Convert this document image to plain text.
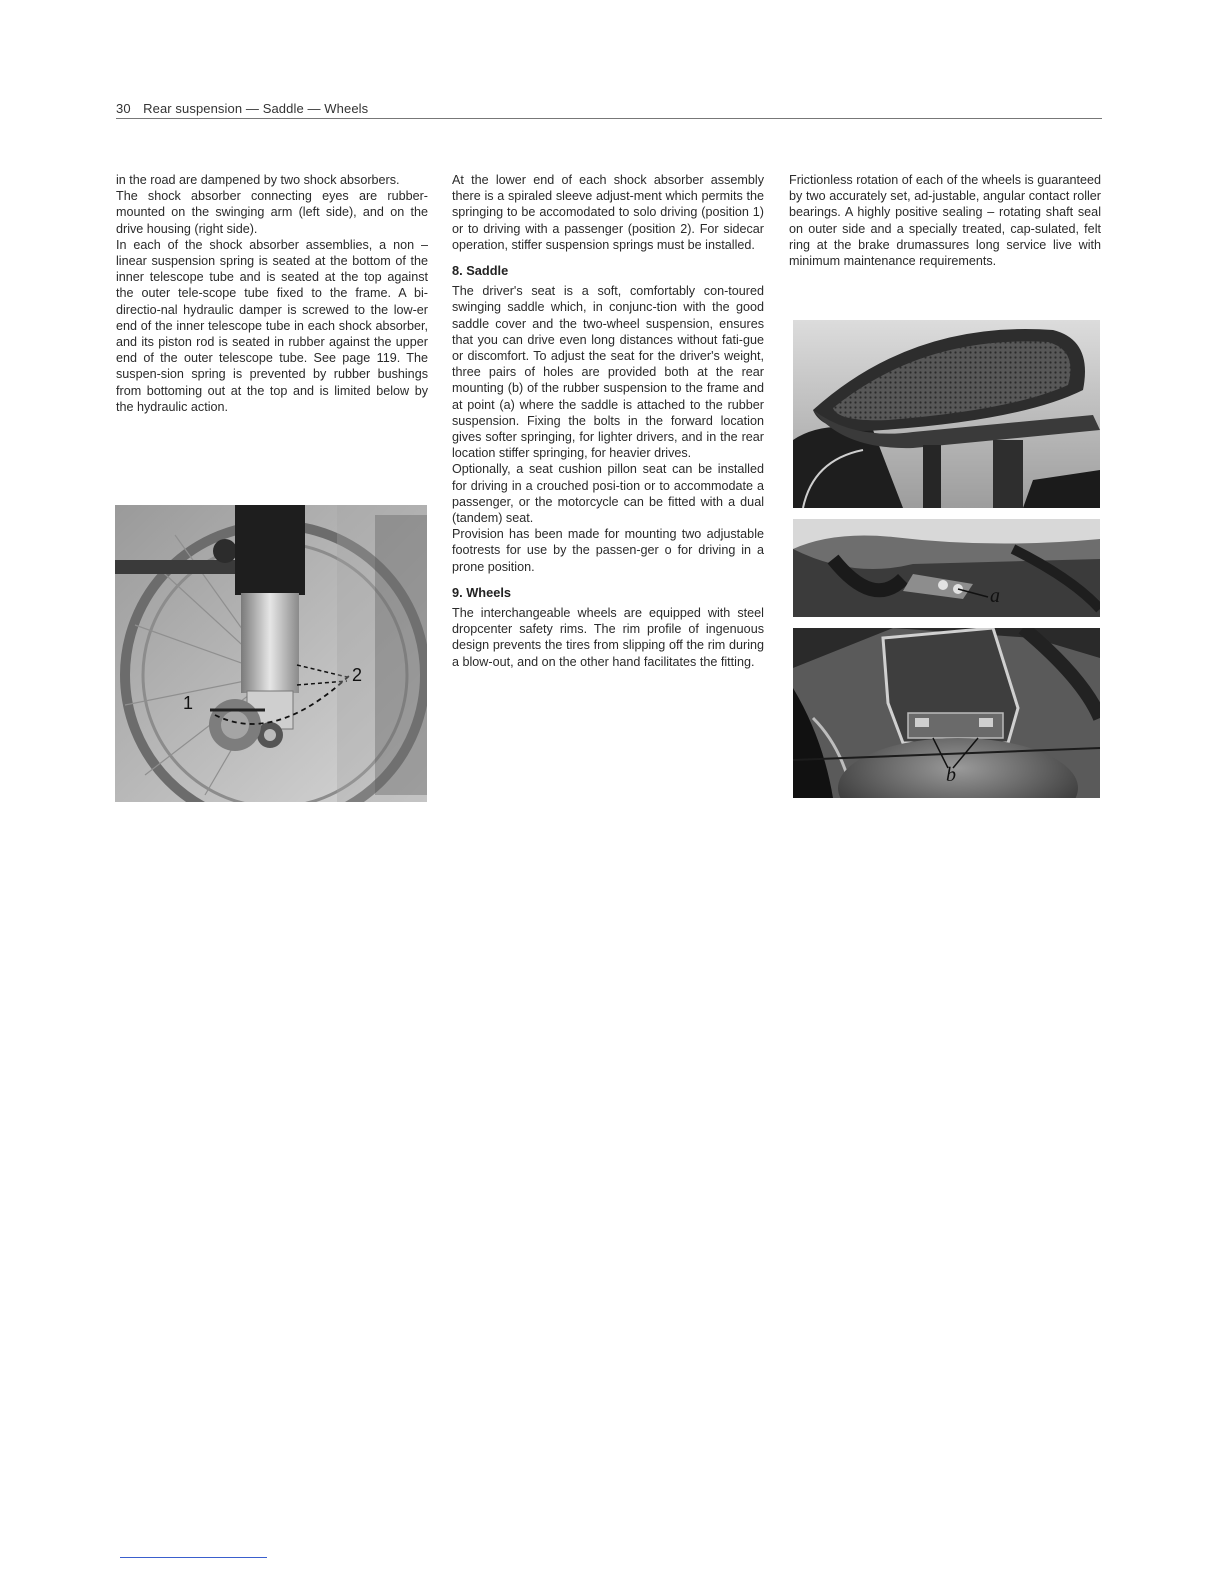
30 Rear suspension — Saddle — Wheels

in the road are dampened by two shock absorbers.

The shock absorber connecting eyes are rubber-mounted on the swinging arm (left side), and on the drive housing (right side).

In each of the shock absorber assemblies, a non – linear suspension spring is seated at the bottom of the inner telescope tube and is seated at the top against the outer tele-scope tube fixed to the frame. A bi-directio-nal hydraulic damper is screwed to the low-er end of the inner telescope tube in each shock absorber, and its piston rod is seated in rubber against the upper end of the outer telescope tube. See page 119. The suspen-sion spring is prevented by rubber bushings from bottoming out at the top and is limited below by the hydraulic action.

At the lower end of each shock absorber assembly there is a spiraled sleeve adjust-ment which permits the springing to be accomodated to solo driving (position 1) or to driving with a passenger (position 2). For sidecar operation, stiffer suspension springs must be installed.

8. Saddle

The driver's seat is a soft, comfortably con-toured swinging saddle which, in conjunc-tion with the good saddle cover and the two-wheel suspension, ensures that you can drive even long distances without fati-gue or discomfort. To adjust the seat for the driver's weight, three pairs of holes are provided both at the rear mounting (b) of the rubber suspension to the frame and at point (a) where the saddle is attached to the rubber suspension. Fixing the bolts in the forward location gives softer springing, for lighter drivers, and in the rear location stiffer springing, for heavier drives.

Optionally, a seat cushion pillon seat can be installed for driving in a crouched posi-tion or to accommodate a passenger, or the motorcycle can be fitted with a dual (tandem) seat.

Provision has been made for mounting two adjustable footrests for use by the passen-ger o for driving in a prone position.

9. Wheels

The interchangeable wheels are equipped with steel dropcenter safety rims. The rim profile of ingenuous design prevents the tires from slipping off the rim during a blow-out, and on the other hand facilitates the fitting.

Frictionless rotation of each of the wheels is guaranteed by two accurately set, ad-justable, angular contact roller bearings. A highly positive sealing – rotating shaft seal on outer side and a specially treated, cap-sulated, felt ring at the brake drumassures long service live with minimum maintenance requirements.

1
2
a
b
